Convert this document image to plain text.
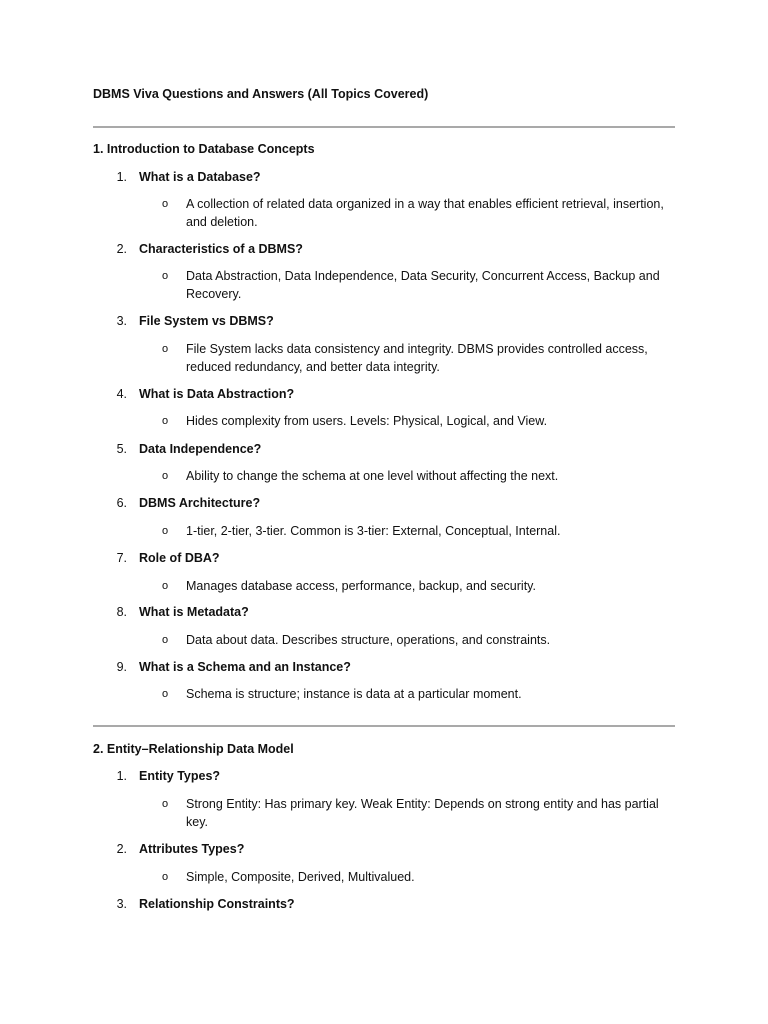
DBMS Viva Questions and Answers (All Topics Covered)
1. Introduction to Database Concepts
1. What is a Database?
o A collection of related data organized in a way that enables efficient retrieval, insertion, and deletion.
2. Characteristics of a DBMS?
o Data Abstraction, Data Independence, Data Security, Concurrent Access, Backup and Recovery.
3. File System vs DBMS?
o File System lacks data consistency and integrity. DBMS provides controlled access, reduced redundancy, and better data integrity.
4. What is Data Abstraction?
o Hides complexity from users. Levels: Physical, Logical, and View.
5. Data Independence?
o Ability to change the schema at one level without affecting the next.
6. DBMS Architecture?
o 1-tier, 2-tier, 3-tier. Common is 3-tier: External, Conceptual, Internal.
7. Role of DBA?
o Manages database access, performance, backup, and security.
8. What is Metadata?
o Data about data. Describes structure, operations, and constraints.
9. What is a Schema and an Instance?
o Schema is structure; instance is data at a particular moment.
2. Entity–Relationship Data Model
1. Entity Types?
o Strong Entity: Has primary key. Weak Entity: Depends on strong entity and has partial key.
2. Attributes Types?
o Simple, Composite, Derived, Multivalued.
3. Relationship Constraints?
